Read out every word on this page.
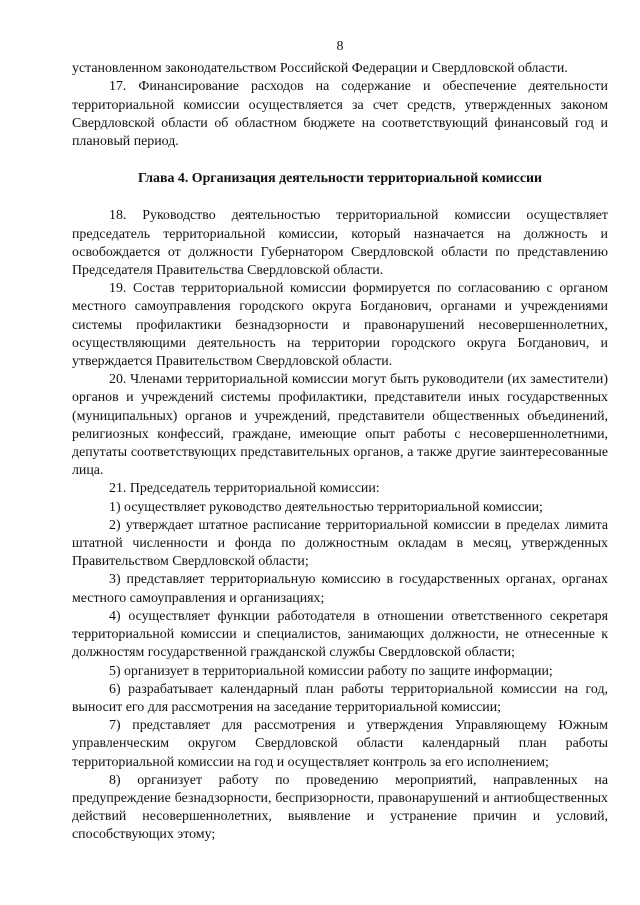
8

установленном законодательством Российской Федерации и Свердловской области.

17. Финансирование расходов на содержание и обеспечение деятельности территориальной комиссии осуществляется за счет средств, утвержденных законом Свердловской области об областном бюджете на соответствующий финансовый год и плановый период.

Глава 4. Организация деятельности территориальной комиссии

18. Руководство деятельностью территориальной комиссии осуществляет председатель территориальной комиссии, который назначается на должность и освобождается от должности Губернатором Свердловской области по представлению Председателя Правительства Свердловской области.

19. Состав территориальной комиссии формируется по согласованию с органом местного самоуправления городского округа Богданович, органами и учреждениями системы профилактики безнадзорности и правонарушений несовершеннолетних, осуществляющими деятельность на территории городского округа Богданович, и утверждается Правительством Свердловской области.

20. Членами территориальной комиссии могут быть руководители (их заместители) органов и учреждений системы профилактики, представители иных государственных (муниципальных) органов и учреждений, представители общественных объединений, религиозных конфессий, граждане, имеющие опыт работы с несовершеннолетними, депутаты соответствующих представительных органов, а также другие заинтересованные лица.

21. Председатель территориальной комиссии:

1) осуществляет руководство деятельностью территориальной комиссии;

2) утверждает штатное расписание территориальной комиссии в пределах лимита штатной численности и фонда по должностным окладам в месяц, утвержденных Правительством Свердловской области;

3) представляет территориальную комиссию в государственных органах, органах местного самоуправления и организациях;

4) осуществляет функции работодателя в отношении ответственного секретаря территориальной комиссии и специалистов, занимающих должности, не отнесенные к должностям государственной гражданской службы Свердловской области;

5) организует в территориальной комиссии работу по защите информации;

6) разрабатывает календарный план работы территориальной комиссии на год, выносит его для рассмотрения на заседание территориальной комиссии;

7) представляет для рассмотрения и утверждения Управляющему Южным управленческим округом Свердловской области календарный план работы территориальной комиссии на год и осуществляет контроль за его исполнением;

8) организует работу по проведению мероприятий, направленных на предупреждение безнадзорности, беспризорности, правонарушений и антиобщественных действий несовершеннолетних, выявление и устранение причин и условий, способствующих этому;
